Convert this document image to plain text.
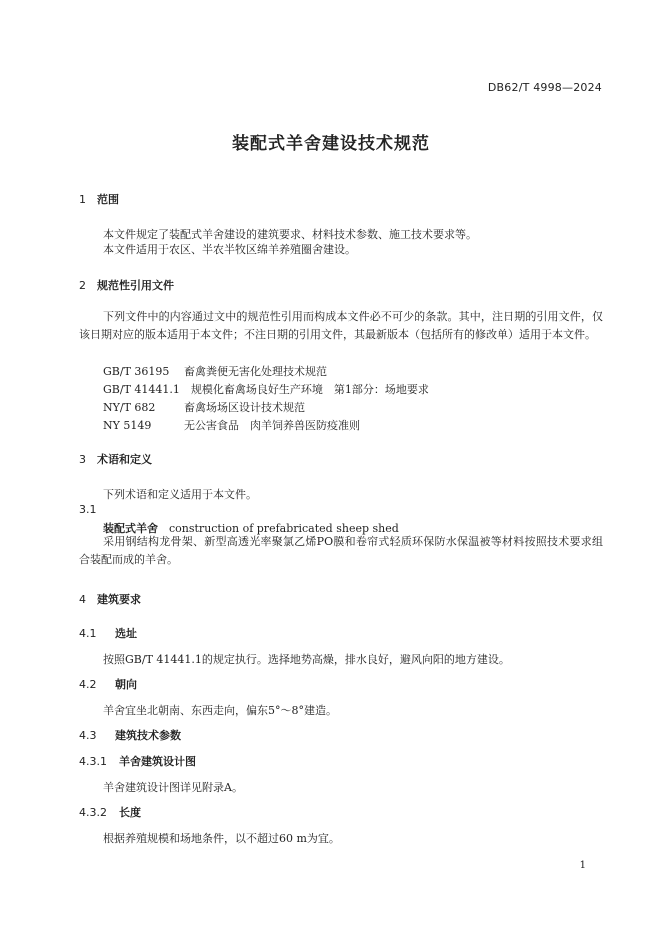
DB62/T 4998—2024
装配式羊舍建设技术规范
1 范围
本文件规定了装配式羊舍建设的建筑要求、材料技术参数、施工技术要求等。
本文件适用于农区、半农半牧区绵羊养殖圈舍建设。
2 规范性引用文件
下列文件中的内容通过文中的规范性引用而构成本文件必不可少的条款。其中，注日期的引用文件，仅该日期对应的版本适用于本文件；不注日期的引用文件，其最新版本（包括所有的修改单）适用于本文件。
GB/T 36195　 畜禽粪便无害化处理技术规范
GB/T 41441.1　 规模化畜禽场良好生产环境　第1部分：场地要求
NY/T 682　	畜禽场场区设计技术规范
NY 5149　	无公害食品　肉羊饲养兽医防疫准则
3 术语和定义
下列术语和定义适用于本文件。
3.1
装配式羊舍　 construction of prefabricated sheep shed
采用钢结构龙骨架、新型高透光率聚氯乙烯PO膜和卷帘式轻质环保防水保温被等材料按照技术要求组合装配而成的羊舍。
4 建筑要求
4.1 选址
按照GB/T 41441.1的规定执行。选择地势高燥，排水良好，避风向阳的地方建设。
4.2 朝向
羊舍宜坐北朝南、东西走向，偏东5°～8°建造。
4.3 建筑技术参数
4.3.1 羊舍建筑设计图
羊舍建筑设计图详见附录A。
4.3.2 长度
根据养殖规模和场地条件，以不超过60 m为宜。
1
